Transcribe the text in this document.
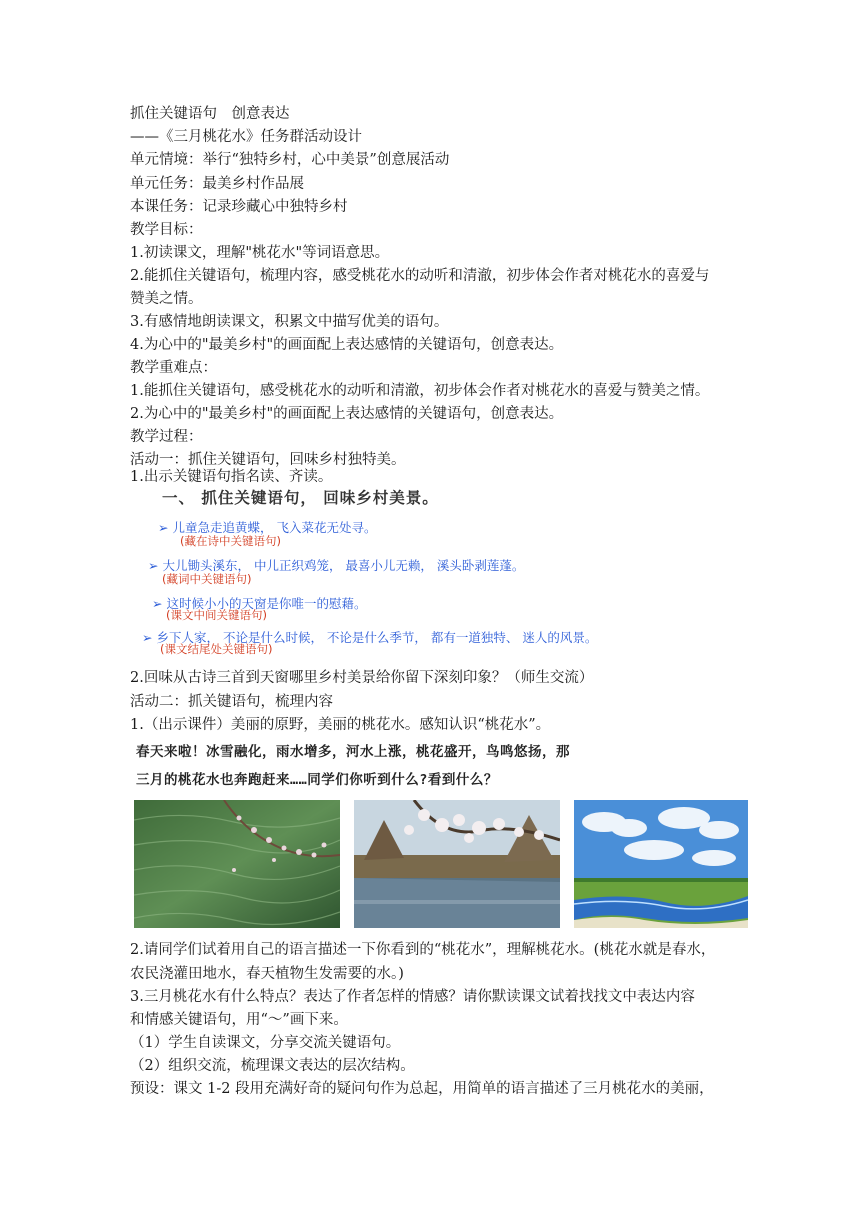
抓住关键语句　创意表达
——《三月桃花水》任务群活动设计
单元情境：举行“独特乡村，心中美景”创意展活动
单元任务：最美乡村作品展
本课任务：记录珍藏心中独特乡村
教学目标：
1.初读课文，理解"桃花水"等词语意思。
2.能抓住关键语句，梳理内容，感受桃花水的动听和清澈，初步体会作者对桃花水的喜爱与
赞美之情。
3.有感情地朗读课文，积累文中描写优美的语句。
4.为心中的"最美乡村"的画面配上表达感情的关键语句，创意表达。
教学重难点：
1.能抓住关键语句，感受桃花水的动听和清澈，初步体会作者对桃花水的喜爱与赞美之情。
2.为心中的"最美乡村"的画面配上表达感情的关键语句，创意表达。
教学过程：
活动一：抓住关键语句，回味乡村独特美。
1.出示关键语句指名读、齐读。
一、 抓住关键语句， 回味乡村美景。
➢ 儿童急走追黄蝶， 飞入菜花无处寻。
(藏在诗中关键语句)
➢ 大儿锄头溪东， 中儿正织鸡笼， 最喜小儿无赖， 溪头卧剥莲蓬。
(藏词中关键语句)
➢ 这时候小小的天窗是你唯一的慰藉。
(课文中间关键语句)
➢ 乡下人家， 不论是什么时候， 不论是什么季节， 都有一道独特、 迷人的风景。
(课文结尾处关键语句)
2.回味从古诗三首到天窗哪里乡村美景给你留下深刻印象？（师生交流）
活动二：抓关键语句，梳理内容
1.（出示课件）美丽的原野，美丽的桃花水。感知认识“桃花水”。
春天来啦！冰雪融化，雨水增多，河水上涨，桃花盛开，鸟鸣悠扬，那
三月的桃花水也奔跑赶来……同学们你听到什么?看到什么？
2.请同学们试着用自己的语言描述一下你看到的“桃花水”，理解桃花水。(桃花水就是春水，
农民浇灌田地水，春天植物生发需要的水。)
3.三月桃花水有什么特点？表达了作者怎样的情感？请你默读课文试着找找文中表达内容
和情感关键语句，用“～”画下来。
（1）学生自读课文，分享交流关键语句。
（2）组织交流，梳理课文表达的层次结构。
预设：课文 1-2 段用充满好奇的疑问句作为总起，用简单的语言描述了三月桃花水的美丽，
